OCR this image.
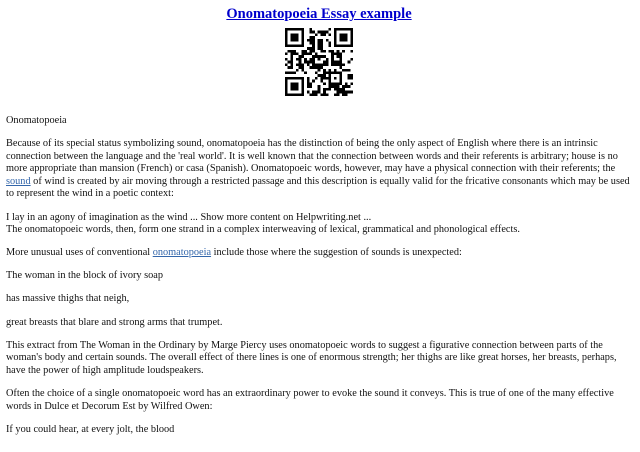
Onomatopoeia Essay example

Onomatopoeia

Because of its special status symbolizing sound, onomatopoeia has the distinction of being the only aspect of English where there is an intrinsic connection between the language and the 'real world'. It is well known that the connection between words and their referents is arbitrary; house is no more appropriate than mansion (French) or casa (Spanish). Onomatopoeic words, however, may have a physical connection with their referents; the sound of wind is created by air moving through a restricted passage and this description is equally valid for the fricative consonants which may be used to represent the wind in a poetic context:

I lay in an agony of imagination as the wind ... Show more content on Helpwriting.net ...

The onomatopoeic words, then, form one strand in a complex interweaving of lexical, grammatical and phonological effects.

More unusual uses of conventional onomatopoeia include those where the suggestion of sounds is unexpected:

The woman in the block of ivory soap

has massive thighs that neigh,

great breasts that blare and strong arms that trumpet.

This extract from The Woman in the Ordinary by Marge Piercy uses onomatopoeic words to suggest a figurative connection between parts of the woman's body and certain sounds. The overall effect of there lines is one of enormous strength; her thighs are like great horses, her breasts, perhaps, have the power of high amplitude loudspeakers.

Often the choice of a single onomatopoeic word has an extraordinary power to evoke the sound it conveys. This is true of one of the many effective words in Dulce et Decorum Est by Wilfred Owen:

If you could hear, at every jolt, the blood
